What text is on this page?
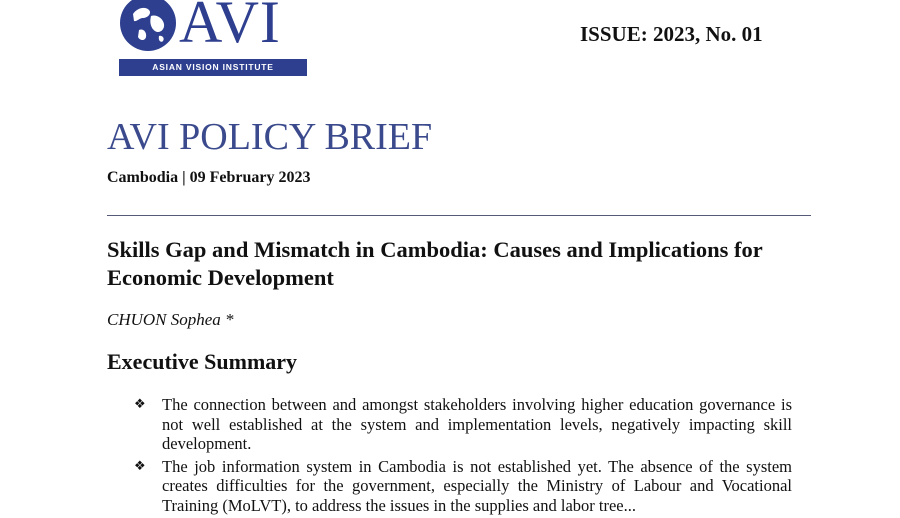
AVI
ASIAN VISION INSTITUTE
ISSUE: 2023, No. 01
AVI POLICY BRIEF
Cambodia | 09 February 2023
Skills Gap and Mismatch in Cambodia: Causes and Implications for Economic Development
CHUON Sophea *
Executive Summary
❖ The connection between and amongst stakeholders involving higher education governance is not well established at the system and implementation levels, negatively impacting skill development.
❖ The job information system in Cambodia is not established yet. The absence of the system creates difficulties for the government, especially the Ministry of Labour and Vocational Training (MoLVT), to address the issues in the supplies and labor tree...
